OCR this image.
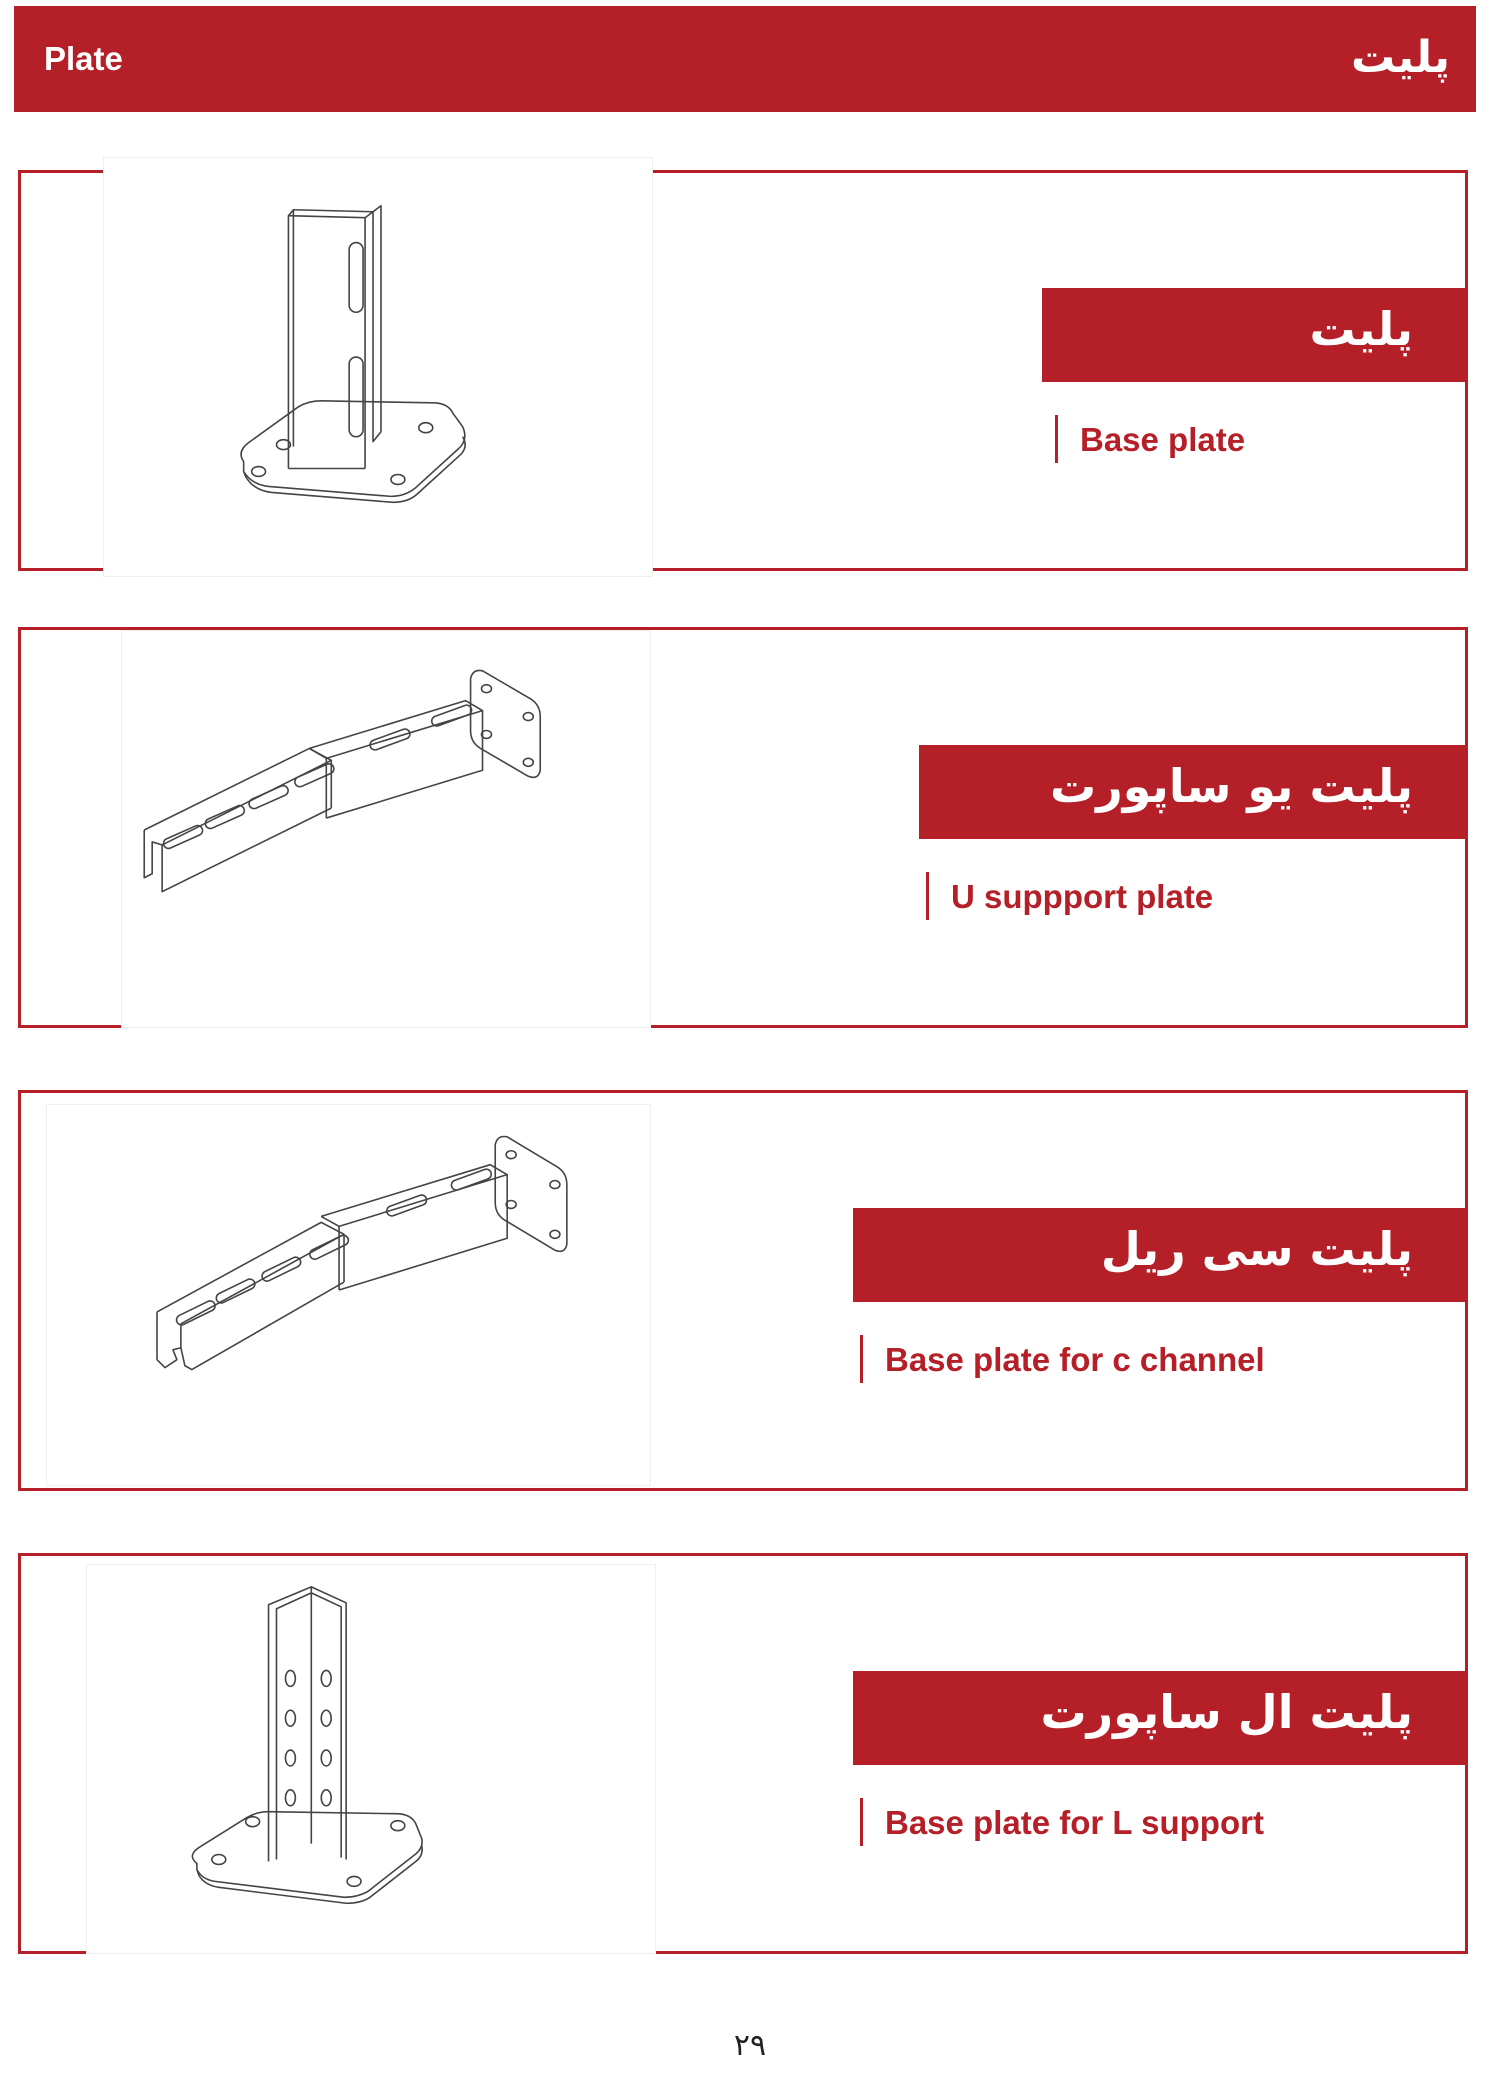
Plate	پلیت
پلیت
Base plate
پلیت یو ساپورت
U suppport plate
پلیت سی ریل
Base plate for c channel
پلیت ال ساپورت
Base plate for L support
۲۹
